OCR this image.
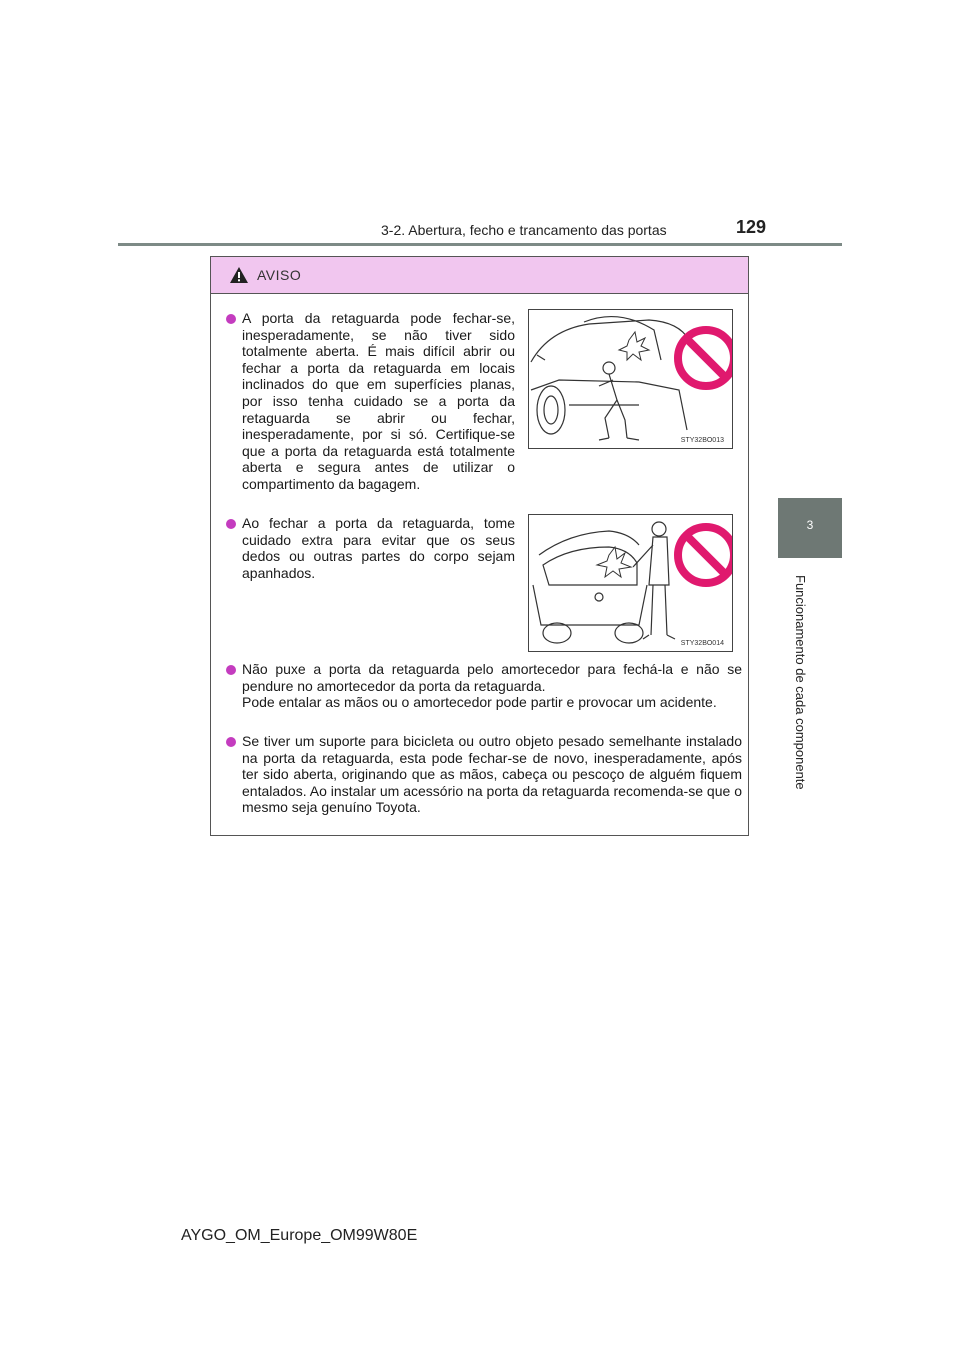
3-2. Abertura, fecho e trancamento das portas	129
3
Funcionamento de cada componente
AVISO
A porta da retaguarda pode fechar-se, inesperadamente, se não tiver sido totalmente aberta. É mais difícil abrir ou fechar a porta da retaguarda em locais inclinados do que em superfícies planas, por isso tenha cuidado se a porta da retaguarda se abrir ou fechar, inesperadamente, por si só. Certifique-se que a porta da retaguarda está totalmente aberta e segura antes de utilizar o compartimento da bagagem.
STY32BO013
Ao fechar a porta da retaguarda, tome cuidado extra para evitar que os seus dedos ou outras partes do corpo sejam apanhados.
STY32BO014
Não puxe a porta da retaguarda pelo amortecedor para fechá-la e não se pendure no amortecedor da porta da retaguarda.
Pode entalar as mãos ou o amortecedor pode partir e provocar um acidente.
Se tiver um suporte para bicicleta ou outro objeto pesado semelhante instalado na porta da retaguarda, esta pode fechar-se de novo, inesperadamente, após ter sido aberta, originando que as mãos, cabeça ou pescoço de alguém fiquem entalados. Ao instalar um acessório na porta da retaguarda recomenda-se que o mesmo seja genuíno Toyota.
AYGO_OM_Europe_OM99W80E
